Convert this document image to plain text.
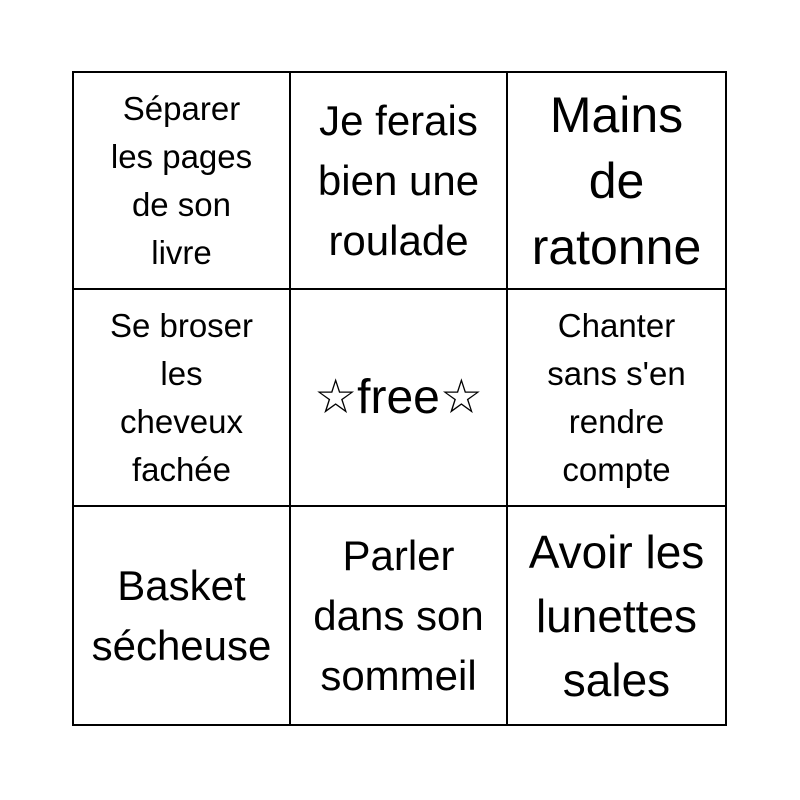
Séparer
les pages
de son
livre
Je ferais
bien une
roulade
Mains
de
ratonne
Se broser
les
cheveux
fachée
☆free☆
Chanter
sans s'en
rendre
compte
Basket
sécheuse
Parler
dans son
sommeil
Avoir les
lunettes
sales
